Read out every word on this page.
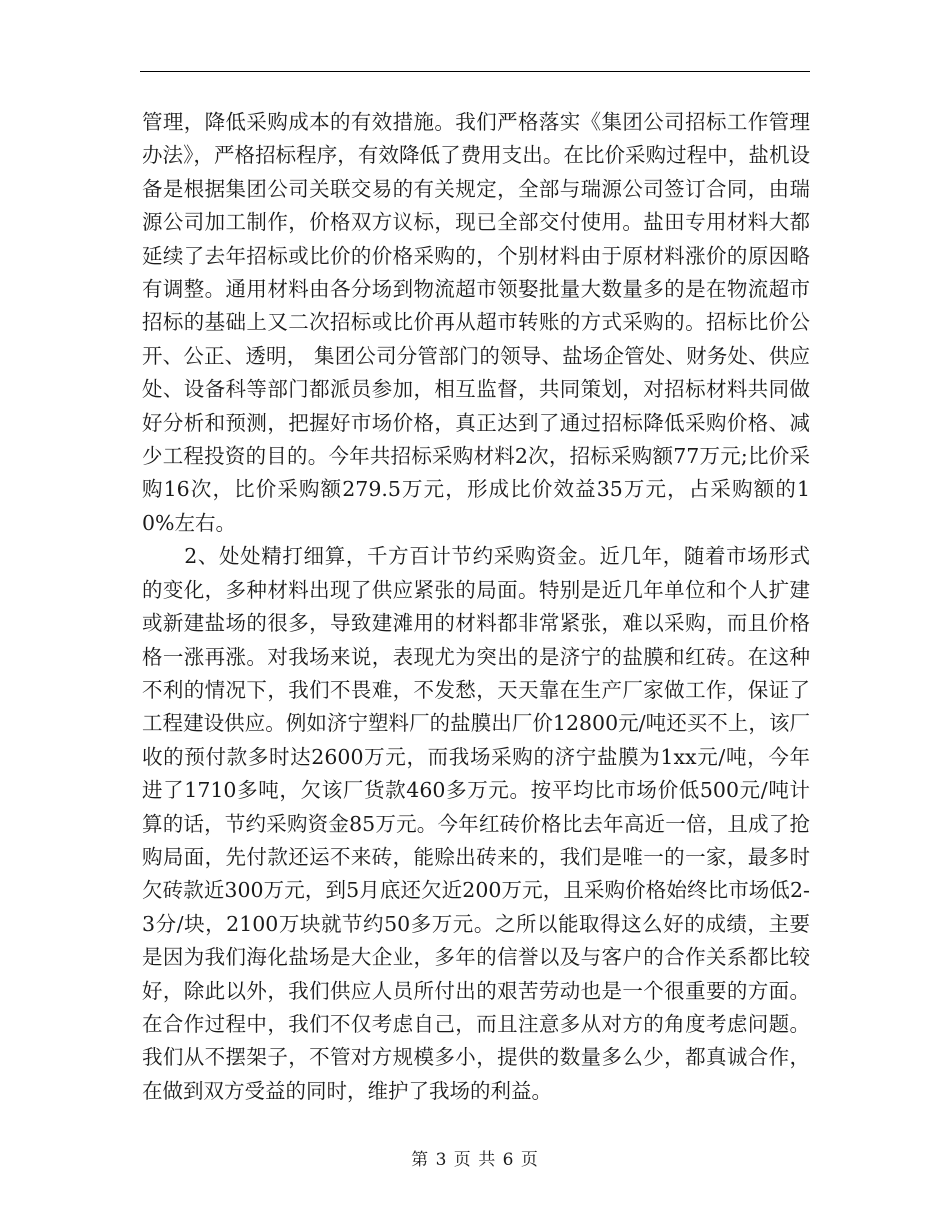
管理，降低采购成本的有效措施。我们严格落实《集团公司招标工作管理办法》，严格招标程序，有效降低了费用支出。在比价采购过程中，盐机设备是根据集团公司关联交易的有关规定，全部与瑞源公司签订合同，由瑞源公司加工制作，价格双方议标，现已全部交付使用。盐田专用材料大都延续了去年招标或比价的价格采购的，个别材料由于原材料涨价的原因略有调整。通用材料由各分场到物流超市领娶批量大数量多的是在物流超市招标的基础上又二次招标或比价再从超市转账的方式采购的。招标比价公开、公正、透明， 集团公司分管部门的领导、盐场企管处、财务处、供应处、设备科等部门都派员参加，相互监督，共同策划，对招标材料共同做好分析和预测，把握好市场价格，真正达到了通过招标降低采购价格、减少工程投资的目的。今年共招标采购材料2次，招标采购额77万元;比价采购16次，比价采购额279.5万元，形成比价效益35万元，占采购额的10%左右。
　　2、处处精打细算，千方百计节约采购资金。近几年，随着市场形式的变化，多种材料出现了供应紧张的局面。特别是近几年单位和个人扩建或新建盐场的很多，导致建滩用的材料都非常紧张，难以采购，而且价格格一涨再涨。对我场来说，表现尤为突出的是济宁的盐膜和红砖。在这种不利的情况下，我们不畏难，不发愁，天天靠在生产厂家做工作，保证了工程建设供应。例如济宁塑料厂的盐膜出厂价12800元/吨还买不上，该厂收的预付款多时达2600万元，而我场采购的济宁盐膜为1xx元/吨，今年进了1710多吨，欠该厂货款460多万元。按平均比市场价低500元/吨计算的话，节约采购资金85万元。今年红砖价格比去年高近一倍，且成了抢购局面，先付款还运不来砖，能赊出砖来的，我们是唯一的一家，最多时欠砖款近300万元，到5月底还欠近200万元，且采购价格始终比市场低2-3分/块，2100万块就节约50多万元。之所以能取得这么好的成绩，主要是因为我们海化盐场是大企业，多年的信誉以及与客户的合作关系都比较好，除此以外，我们供应人员所付出的艰苦劳动也是一个很重要的方面。在合作过程中，我们不仅考虑自己，而且注意多从对方的角度考虑问题。我们从不摆架子，不管对方规模多小，提供的数量多么少，都真诚合作，在做到双方受益的同时，维护了我场的利益。

第 3 页 共 6 页
